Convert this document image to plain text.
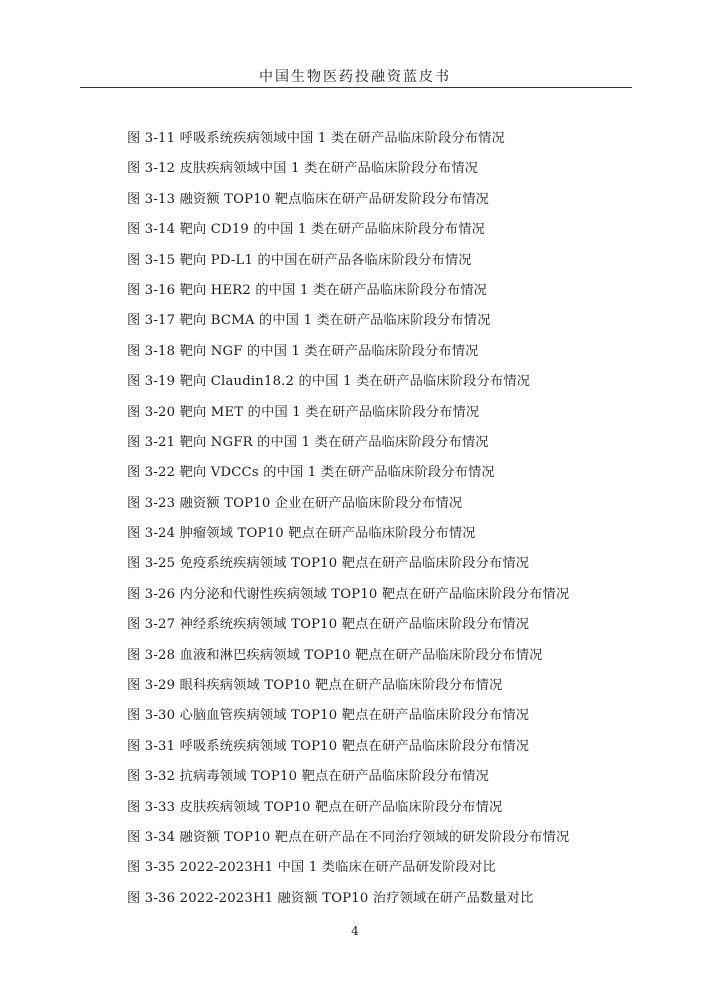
中国生物医药投融资蓝皮书
图 3-11 呼吸系统疾病领域中国 1 类在研产品临床阶段分布情况
图 3-12 皮肤疾病领域中国 1 类在研产品临床阶段分布情况
图 3-13 融资额 TOP10 靶点临床在研产品研发阶段分布情况
图 3-14 靶向 CD19 的中国 1 类在研产品临床阶段分布情况
图 3-15 靶向 PD-L1 的中国在研产品各临床阶段分布情况
图 3-16 靶向 HER2 的中国 1 类在研产品临床阶段分布情况
图 3-17 靶向 BCMA 的中国 1 类在研产品临床阶段分布情况
图 3-18 靶向 NGF 的中国 1 类在研产品临床阶段分布情况
图 3-19 靶向 Claudin18.2 的中国 1 类在研产品临床阶段分布情况
图 3-20 靶向 MET 的中国 1 类在研产品临床阶段分布情况
图 3-21 靶向 NGFR 的中国 1 类在研产品临床阶段分布情况
图 3-22 靶向 VDCCs 的中国 1 类在研产品临床阶段分布情况
图 3-23 融资额 TOP10 企业在研产品临床阶段分布情况
图 3-24 肿瘤领域 TOP10 靶点在研产品临床阶段分布情况
图 3-25 免疫系统疾病领域 TOP10 靶点在研产品临床阶段分布情况
图 3-26 内分泌和代谢性疾病领域 TOP10 靶点在研产品临床阶段分布情况
图 3-27 神经系统疾病领域 TOP10 靶点在研产品临床阶段分布情况
图 3-28 血液和淋巴疾病领域 TOP10 靶点在研产品临床阶段分布情况
图 3-29 眼科疾病领域 TOP10 靶点在研产品临床阶段分布情况
图 3-30 心脑血管疾病领域 TOP10 靶点在研产品临床阶段分布情况
图 3-31 呼吸系统疾病领域 TOP10 靶点在研产品临床阶段分布情况
图 3-32 抗病毒领域 TOP10 靶点在研产品临床阶段分布情况
图 3-33 皮肤疾病领域 TOP10 靶点在研产品临床阶段分布情况
图 3-34 融资额 TOP10 靶点在研产品在不同治疗领域的研发阶段分布情况
图 3-35 2022-2023H1 中国 1 类临床在研产品研发阶段对比
图 3-36 2022-2023H1 融资额 TOP10 治疗领域在研产品数量对比
4
